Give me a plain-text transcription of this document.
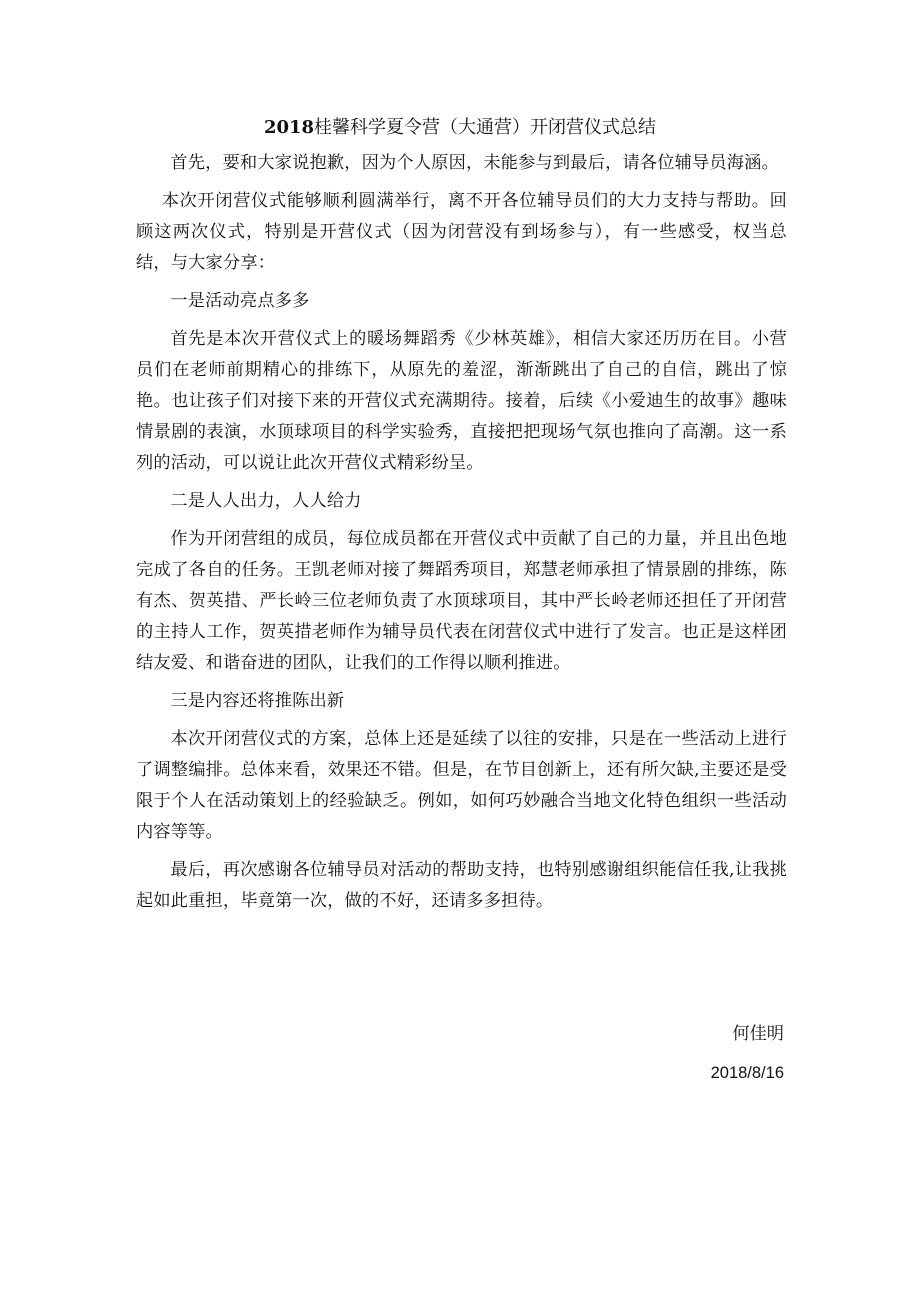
2018桂馨科学夏令营（大通营）开闭营仪式总结

首先，要和大家说抱歉，因为个人原因，未能参与到最后，请各位辅导员海涵。

本次开闭营仪式能够顺利圆满举行，离不开各位辅导员们的大力支持与帮助。回顾这两次仪式，特别是开营仪式（因为闭营没有到场参与），有一些感受，权当总结，与大家分享：

一是活动亮点多多

首先是本次开营仪式上的暖场舞蹈秀《少林英雄》，相信大家还历历在目。小营员们在老师前期精心的排练下，从原先的羞涩，渐渐跳出了自己的自信，跳出了惊艳。也让孩子们对接下来的开营仪式充满期待。接着，后续《小爱迪生的故事》趣味情景剧的表演，水顶球项目的科学实验秀，直接把把现场气氛也推向了高潮。这一系列的活动，可以说让此次开营仪式精彩纷呈。

二是人人出力，人人给力

作为开闭营组的成员，每位成员都在开营仪式中贡献了自己的力量，并且出色地完成了各自的任务。王凯老师对接了舞蹈秀项目，郑慧老师承担了情景剧的排练，陈有杰、贺英措、严长岭三位老师负责了水顶球项目，其中严长岭老师还担任了开闭营的主持人工作，贺英措老师作为辅导员代表在闭营仪式中进行了发言。也正是这样团结友爱、和谐奋进的团队，让我们的工作得以顺利推进。

三是内容还将推陈出新

本次开闭营仪式的方案，总体上还是延续了以往的安排，只是在一些活动上进行了调整编排。总体来看，效果还不错。但是，在节目创新上，还有所欠缺,主要还是受限于个人在活动策划上的经验缺乏。例如，如何巧妙融合当地文化特色组织一些活动内容等等。

最后，再次感谢各位辅导员对活动的帮助支持，也特别感谢组织能信任我,让我挑起如此重担，毕竟第一次，做的不好，还请多多担待。

何佳明
2018/8/16
